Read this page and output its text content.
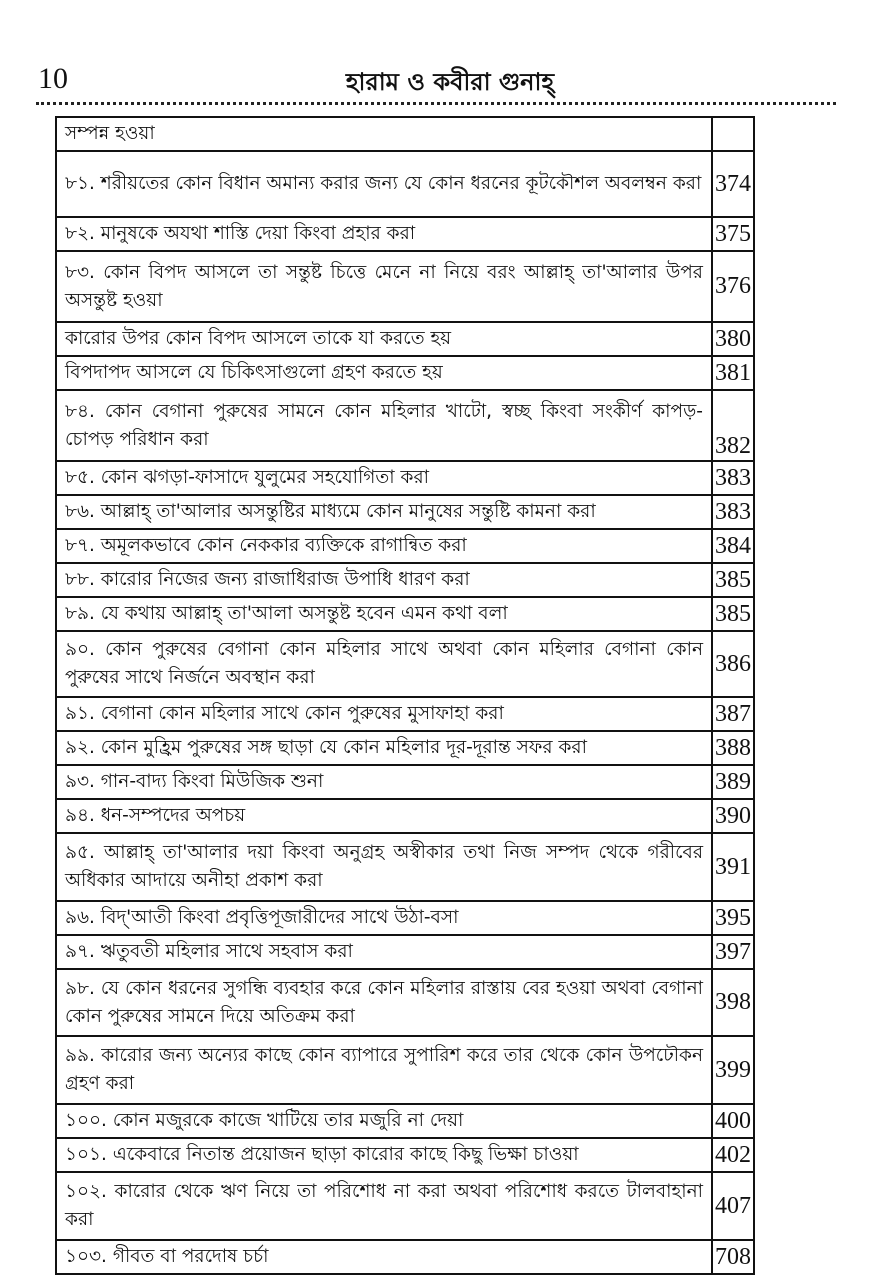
10	হারাম ও কবীরা গুনাহ্
সম্পন্ন হওয়া	
৮১. শরীয়তের কোন বিধান অমান্য করার জন্য যে কোন ধরনের কূটকৌশল অবলম্বন করা	374
৮২. মানুষকে অযথা শাস্তি দেয়া কিংবা প্রহার করা	375
৮৩. কোন বিপদ আসলে তা সন্তুষ্ট চিত্তে মেনে না নিয়ে বরং আল্লাহ্ তা'আলার উপর অসন্তুষ্ট হওয়া	376
কারোর উপর কোন বিপদ আসলে তাকে যা করতে হয়	380
বিপদাপদ আসলে যে চিকিৎসাগুলো গ্রহণ করতে হয়	381
৮৪. কোন বেগানা পুরুষের সামনে কোন মহিলার খাটো, স্বচ্ছ কিংবা সংকীর্ণ কাপড়-চোপড় পরিধান করা	382
৮৫. কোন ঝগড়া-ফাসাদে যুলুমের সহযোগিতা করা	383
৮৬. আল্লাহ্ তা'আলার অসন্তুষ্টির মাধ্যমে কোন মানুষের সন্তুষ্টি কামনা করা	383
৮৭. অমূলকভাবে কোন নেককার ব্যক্তিকে রাগান্বিত করা	384
৮৮. কারোর নিজের জন্য রাজাধিরাজ উপাধি ধারণ করা	385
৮৯. যে কথায় আল্লাহ্ তা'আলা অসন্তুষ্ট হবেন এমন কথা বলা	385
৯০. কোন পুরুষের বেগানা কোন মহিলার সাথে অথবা কোন মহিলার বেগানা কোন পুরুষের সাথে নির্জনে অবস্থান করা	386
৯১. বেগানা কোন মহিলার সাথে কোন পুরুষের মুসাফাহা করা	387
৯২. কোন মুহ্রিম পুরুষের সঙ্গ ছাড়া যে কোন মহিলার দূর-দূরান্ত সফর করা	388
৯৩. গান-বাদ্য কিংবা মিউজিক শুনা	389
৯৪. ধন-সম্পদের অপচয়	390
৯৫. আল্লাহ্ তা'আলার দয়া কিংবা অনুগ্রহ অস্বীকার তথা নিজ সম্পদ থেকে গরীবের অধিকার আদায়ে অনীহা প্রকাশ করা	391
৯৬. বিদ্'আতী কিংবা প্রবৃত্তিপূজারীদের সাথে উঠা-বসা	395
৯৭. ঋতুবতী মহিলার সাথে সহবাস করা	397
৯৮. যে কোন ধরনের সুগন্ধি ব্যবহার করে কোন মহিলার রাস্তায় বের হওয়া অথবা বেগানা কোন পুরুষের সামনে দিয়ে অতিক্রম করা	398
৯৯. কারোর জন্য অন্যের কাছে কোন ব্যাপারে সুপারিশ করে তার থেকে কোন উপঢৌকন গ্রহণ করা	399
১০০. কোন মজুরকে কাজে খাটিয়ে তার মজুরি না দেয়া	400
১০১. একেবারে নিতান্ত প্রয়োজন ছাড়া কারোর কাছে কিছু ভিক্ষা চাওয়া	402
১০২. কারোর থেকে ঋণ নিয়ে তা পরিশোধ না করা অথবা পরিশোধ করতে টালবাহানা করা	407
১০৩. গীবত বা পরদোষ চর্চা	708
